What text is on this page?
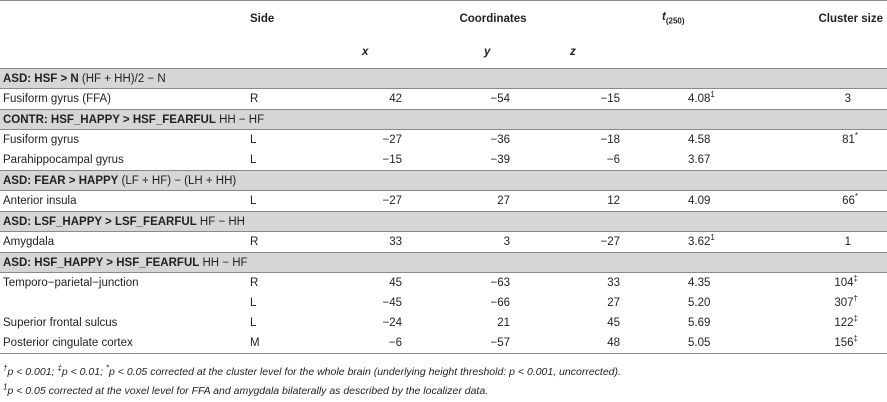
	Side	Coordinates			$t_{(250)}$	Cluster size
		x	y	z		
ASD: HSF > N (HF + HH)/2 − N						
Fusiform gyrus (FFA)	R	42	−54	−15	4.08$^1$	3
CONTR: HSF_HAPPY > HSF_FEARFUL HH − HF						
Fusiform gyrus	L	−27	−36	−18	4.58	81*
Parahippocampal gyrus	L	−15	−39	−6	3.67	
ASD: FEAR > HAPPY (LF + HF) − (LH + HH)						
Anterior insula	L	−27	27	12	4.09	66*
ASD: LSF_HAPPY > LSF_FEARFUL HF − HH						
Amygdala	R	33	3	−27	3.62$^1$	1
ASD: HSF_HAPPY > HSF_FEARFUL HH − HF						
Temporo−parietal−junction	R	45	−63	33	4.35	104‡
	L	−45	−66	27	5.20	307†
Superior frontal sulcus	L	−24	21	45	5.69	122‡
Posterior cingulate cortex	M	−6	−57	48	5.05	156‡
†p < 0.001; ‡p < 0.01; *p < 0.05 corrected at the cluster level for the whole brain (underlying height threshold: p < 0.001, uncorrected).
$^1$p < 0.05 corrected at the voxel level for FFA and amygdala bilaterally as described by the localizer data.
